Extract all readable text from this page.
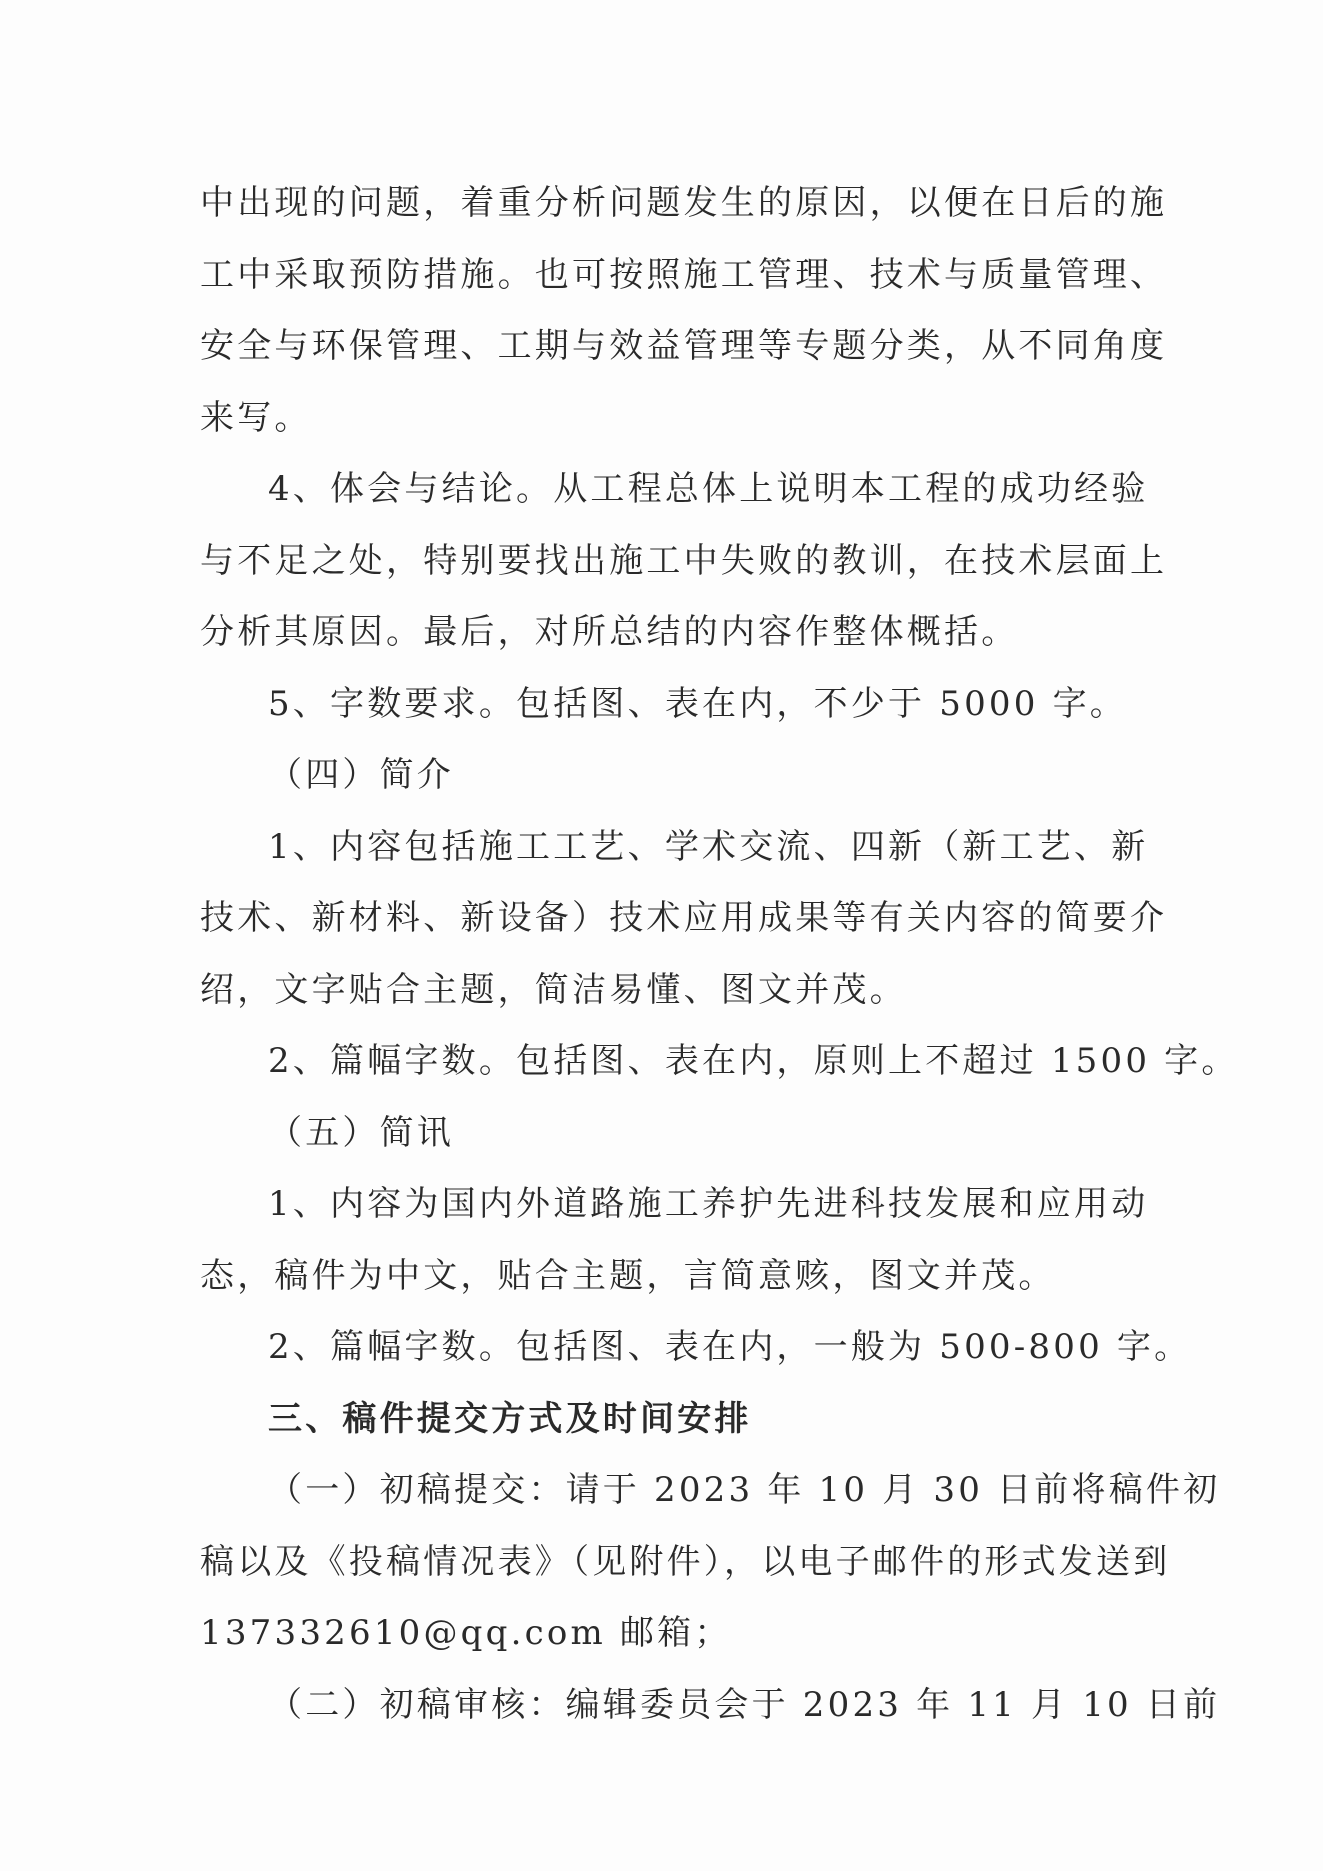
中出现的问题，着重分析问题发生的原因，以便在日后的施
工中采取预防措施。也可按照施工管理、技术与质量管理、
安全与环保管理、工期与效益管理等专题分类，从不同角度
来写。
4、体会与结论。从工程总体上说明本工程的成功经验
与不足之处，特别要找出施工中失败的教训，在技术层面上
分析其原因。最后，对所总结的内容作整体概括。
5、字数要求。包括图、表在内，不少于 5000 字。
（四）简介
1、内容包括施工工艺、学术交流、四新（新工艺、新
技术、新材料、新设备）技术应用成果等有关内容的简要介
绍，文字贴合主题，简洁易懂、图文并茂。
2、篇幅字数。包括图、表在内，原则上不超过 1500 字。
（五）简讯
1、内容为国内外道路施工养护先进科技发展和应用动
态，稿件为中文，贴合主题，言简意赅，图文并茂。
2、篇幅字数。包括图、表在内，一般为 500-800 字。
三、稿件提交方式及时间安排
（一）初稿提交：请于 2023 年 10 月 30 日前将稿件初
稿以及《投稿情况表》（见附件），以电子邮件的形式发送到
137332610@qq.com 邮箱；
（二）初稿审核：编辑委员会于 2023 年 11 月 10 日前
